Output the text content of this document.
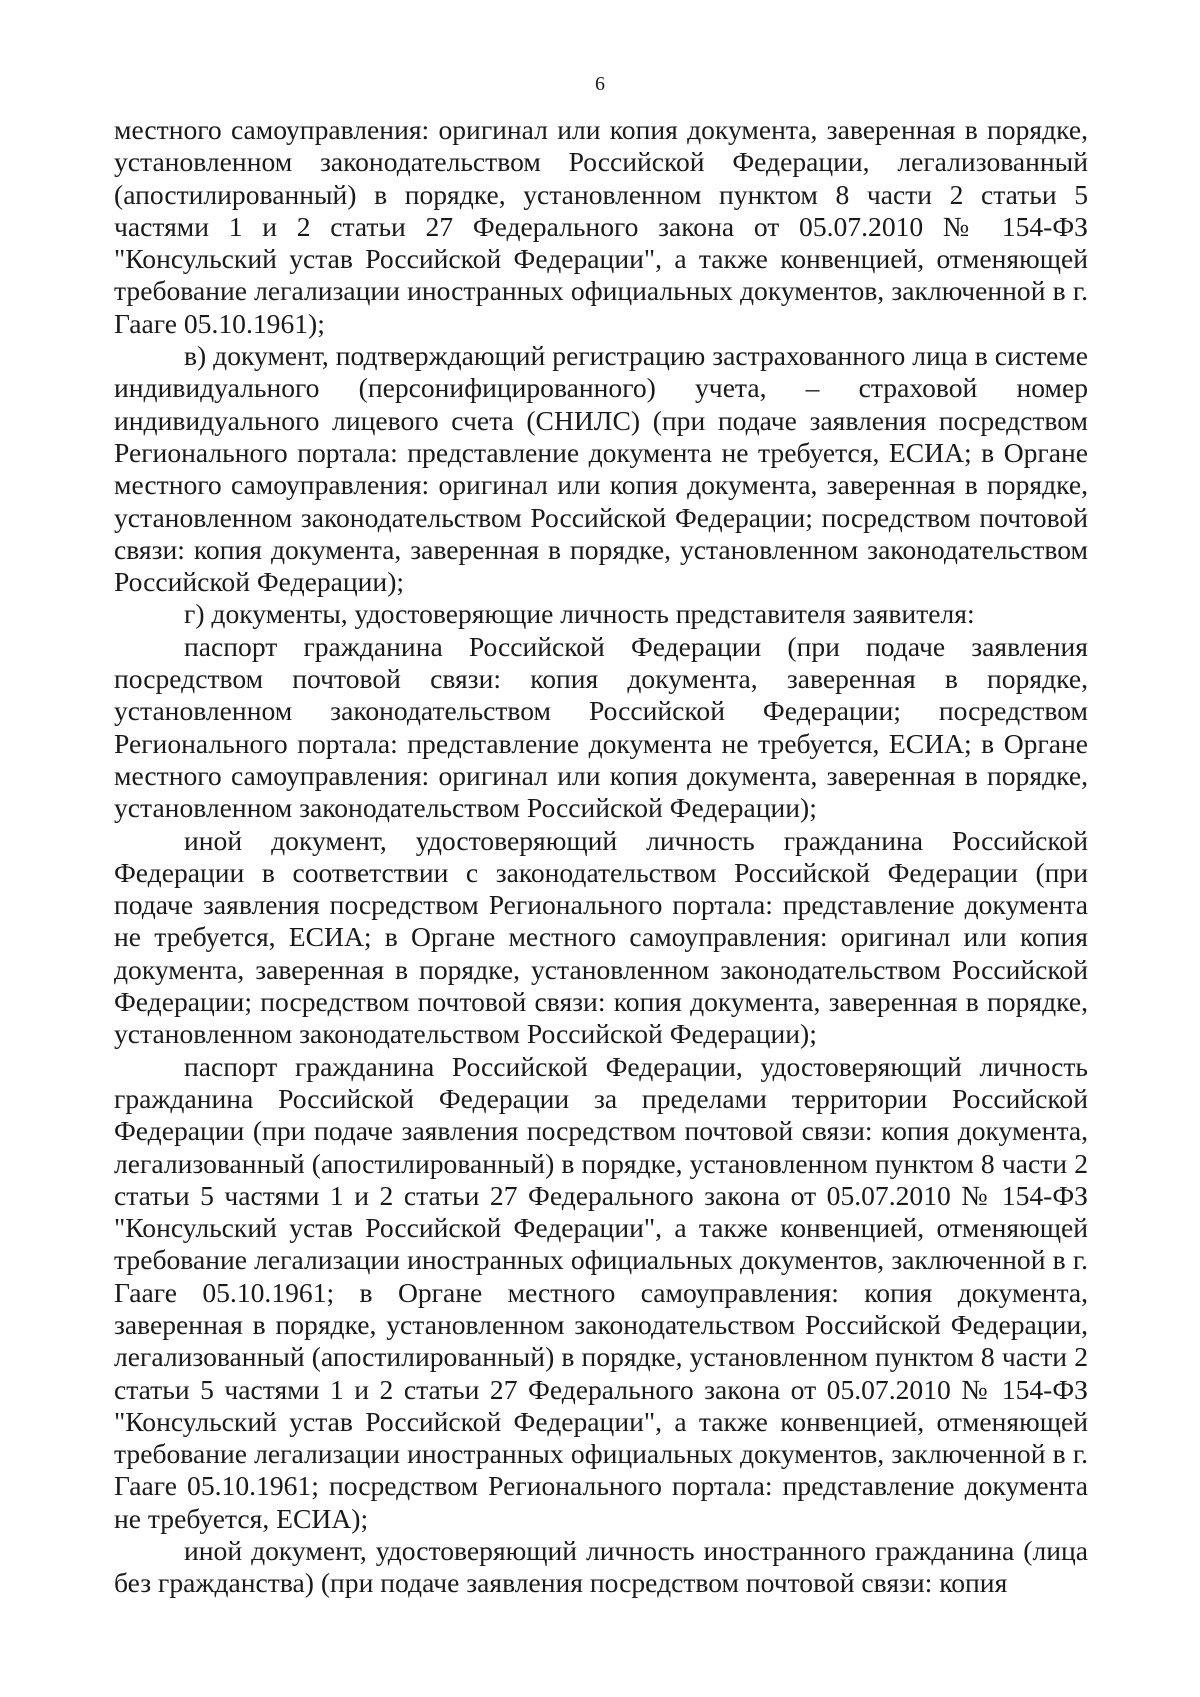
6

местного самоуправления: оригинал или копия документа, заверенная в порядке, установленном законодательством Российской Федерации, легализованный (апостилированный) в порядке, установленном пунктом 8 части 2 статьи 5 частями 1 и 2 статьи 27 Федерального закона от 05.07.2010 № 154-ФЗ "Консульский устав Российской Федерации", а также конвенцией, отменяющей требование легализации иностранных официальных документов, заключенной в г. Гааге 05.10.1961);

в) документ, подтверждающий регистрацию застрахованного лица в системе индивидуального (персонифицированного) учета, – страховой номер индивидуального лицевого счета (СНИЛС) (при подаче заявления посредством Регионального портала: представление документа не требуется, ЕСИА; в Органе местного самоуправления: оригинал или копия документа, заверенная в порядке, установленном законодательством Российской Федерации; посредством почтовой связи: копия документа, заверенная в порядке, установленном законодательством Российской Федерации);

г) документы, удостоверяющие личность представителя заявителя:

паспорт гражданина Российской Федерации (при подаче заявления посредством почтовой связи: копия документа, заверенная в порядке, установленном законодательством Российской Федерации; посредством Регионального портала: представление документа не требуется, ЕСИА; в Органе местного самоуправления: оригинал или копия документа, заверенная в порядке, установленном законодательством Российской Федерации);

иной документ, удостоверяющий личность гражданина Российской Федерации в соответствии с законодательством Российской Федерации (при подаче заявления посредством Регионального портала: представление документа не требуется, ЕСИА; в Органе местного самоуправления: оригинал или копия документа, заверенная в порядке, установленном законодательством Российской Федерации; посредством почтовой связи: копия документа, заверенная в порядке, установленном законодательством Российской Федерации);

паспорт гражданина Российской Федерации, удостоверяющий личность гражданина Российской Федерации за пределами территории Российской Федерации (при подаче заявления посредством почтовой связи: копия документа, легализованный (апостилированный) в порядке, установленном пунктом 8 части 2 статьи 5 частями 1 и 2 статьи 27 Федерального закона от 05.07.2010 № 154-ФЗ "Консульский устав Российской Федерации", а также конвенцией, отменяющей требование легализации иностранных официальных документов, заключенной в г. Гааге 05.10.1961; в Органе местного самоуправления: копия документа, заверенная в порядке, установленном законодательством Российской Федерации, легализованный (апостилированный) в порядке, установленном пунктом 8 части 2 статьи 5 частями 1 и 2 статьи 27 Федерального закона от 05.07.2010 № 154-ФЗ "Консульский устав Российской Федерации", а также конвенцией, отменяющей требование легализации иностранных официальных документов, заключенной в г. Гааге 05.10.1961; посредством Регионального портала: представление документа не требуется, ЕСИА);

иной документ, удостоверяющий личность иностранного гражданина (лица без гражданства) (при подаче заявления посредством почтовой связи: копия
